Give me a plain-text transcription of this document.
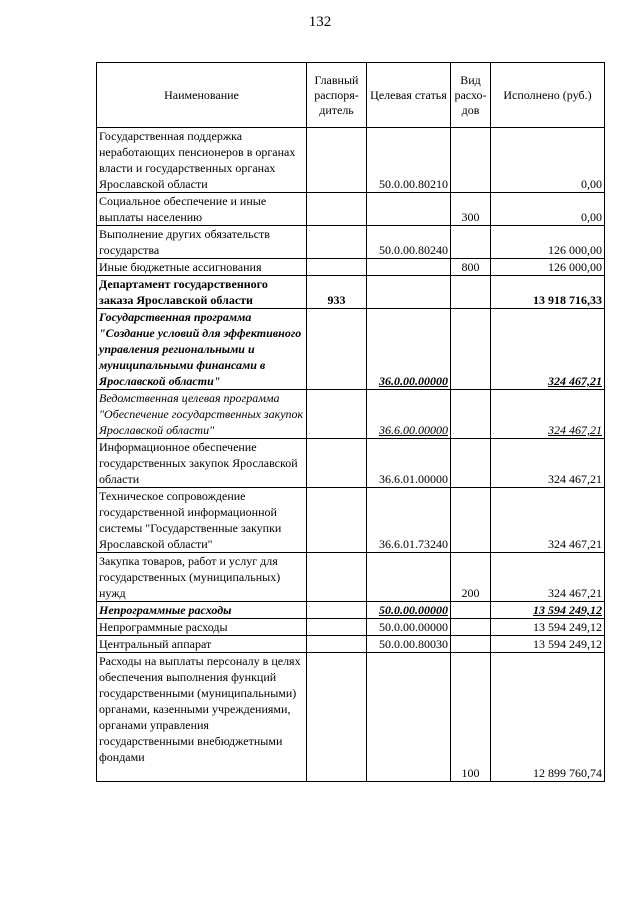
132
Наименование	Главный распоря-дитель	Целевая статья	Вид расхо-дов	Исполнено (руб.)
Государственная поддержка неработающих пенсионеров в органах власти и государственных органах Ярославской области		50.0.00.80210		0,00
Социальное обеспечение и иные выплаты населению			300	0,00
Выполнение других обязательств государства		50.0.00.80240		126 000,00
Иные бюджетные ассигнования			800	126 000,00
Департамент государственного заказа Ярославской области	933			13 918 716,33
Государственная программа "Создание условий для эффективного управления региональными и муниципальными финансами в Ярославской области"		36.0.00.00000		324 467,21
Ведомственная целевая программа "Обеспечение государственных закупок Ярославской области"		36.6.00.00000		324 467,21
Информационное обеспечение государственных закупок Ярославской области		36.6.01.00000		324 467,21
Техническое сопровождение государственной информационной системы "Государственные закупки Ярославской области"		36.6.01.73240		324 467,21
Закупка товаров, работ и услуг для государственных (муниципальных) нужд			200	324 467,21
Непрограммные расходы		50.0.00.00000		13 594 249,12
Непрограммные расходы		50.0.00.00000		13 594 249,12
Центральный аппарат		50.0.00.80030		13 594 249,12
Расходы на выплаты персоналу в целях обеспечения выполнения функций государственными (муниципальными) органами, казенными учреждениями, органами управления государственными внебюджетными фондами			100	12 899 760,74
